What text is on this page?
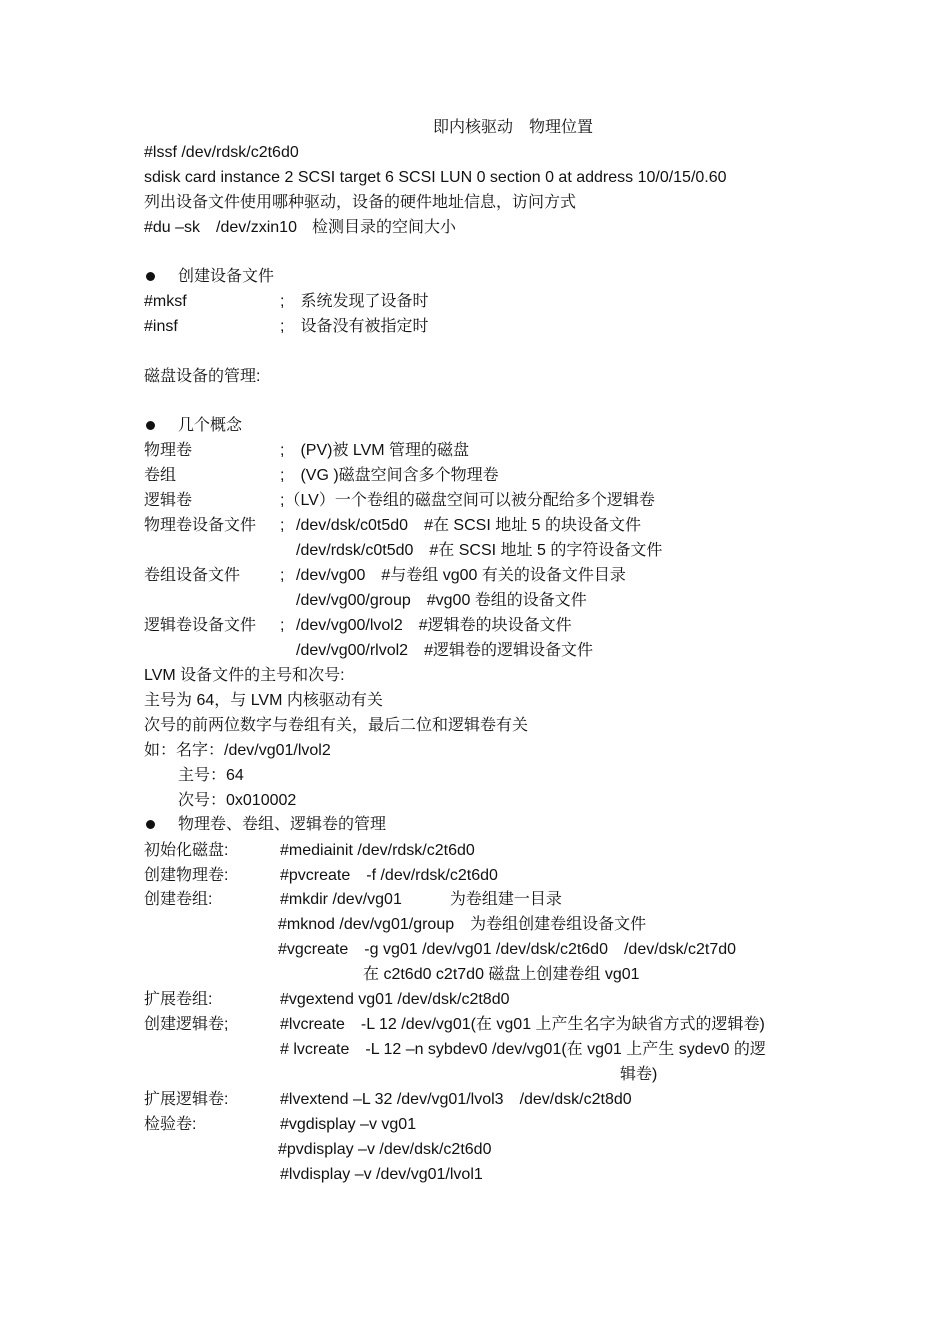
即内核驱动　物理位置
#lssf /dev/rdsk/c2t6d0
sdisk card instance 2 SCSI target 6 SCSI LUN 0 section 0 at address 10/0/15/0.60
列出设备文件使用哪种驱动，设备的硬件地址信息，访问方式
#du –sk　/dev/zxin10 检测目录的空间大小
创建设备文件
#mksf	;　系统发现了设备时
#insf	;　设备没有被指定时
磁盘设备的管理:
几个概念
物理卷	;　(PV)被 LVM 管理的磁盘
卷组	;　(VG )磁盘空间含多个物理卷
逻辑卷	;（LV）一个卷组的磁盘空间可以被分配给多个逻辑卷
物理卷设备文件 ; /dev/dsk/c0t5d0　#在 SCSI 地址 5 的块设备文件
/dev/rdsk/c0t5d0　#在 SCSI 地址 5 的字符设备文件
卷组设备文件 ; /dev/vg00　#与卷组 vg00 有关的设备文件目录
/dev/vg00/group　#vg00 卷组的设备文件
逻辑卷设备文件 ; /dev/vg00/lvol2　#逻辑卷的块设备文件
/dev/vg00/rlvol2　#逻辑卷的逻辑设备文件
LVM 设备文件的主号和次号:
主号为 64，与 LVM 内核驱动有关
次号的前两位数字与卷组有关，最后二位和逻辑卷有关
如：名字：/dev/vg01/lvol2
主号：64
次号：0x010002
物理卷、卷组、逻辑卷的管理
初始化磁盘:	#mediainit /dev/rdsk/c2t6d0
创建物理卷:	#pvcreate　-f /dev/rdsk/c2t6d0
创建卷组:	#mkdir /dev/vg01　　　为卷组建一目录
#mknod /dev/vg01/group　为卷组创建卷组设备文件
#vgcreate　-g vg01 /dev/vg01 /dev/dsk/c2t6d0　/dev/dsk/c2t7d0
在 c2t6d0 c2t7d0 磁盘上创建卷组 vg01
扩展卷组:	#vgextend vg01 /dev/dsk/c2t8d0
创建逻辑卷;	#lvcreate　-L 12 /dev/vg01(在 vg01 上产生名字为缺省方式的逻辑卷)
# lvcreate　-L 12 –n sybdev0 /dev/vg01(在 vg01 上产生 sydev0 的逻
辑卷)
扩展逻辑卷:	#lvextend –L 32 /dev/vg01/lvol3　/dev/dsk/c2t8d0
检验卷:	#vgdisplay –v vg01
#pvdisplay –v /dev/dsk/c2t6d0
#lvdisplay –v /dev/vg01/lvol1
